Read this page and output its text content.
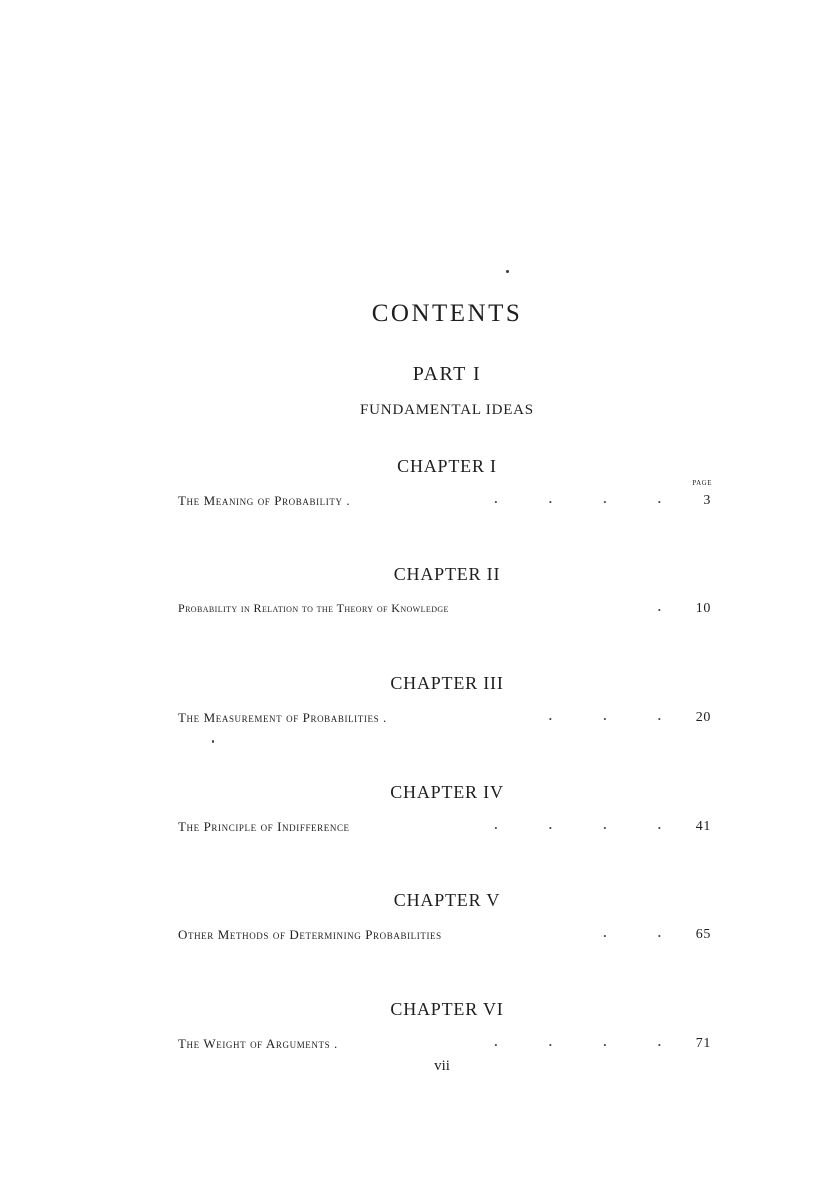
CONTENTS
PART I
FUNDAMENTAL IDEAS
CHAPTER I
PAGE
The Meaning of Probability .	. . . .	3
CHAPTER II
Probability in Relation to the Theory of Knowledge	. 10
CHAPTER III
The Measurement of Probabilities .	. . . 20
CHAPTER IV
The Principle of Indifference	. . . . 41
CHAPTER V
Other Methods of Determining Probabilities	. . 65
CHAPTER VI
The Weight of Arguments .	. . . . 71
vii
